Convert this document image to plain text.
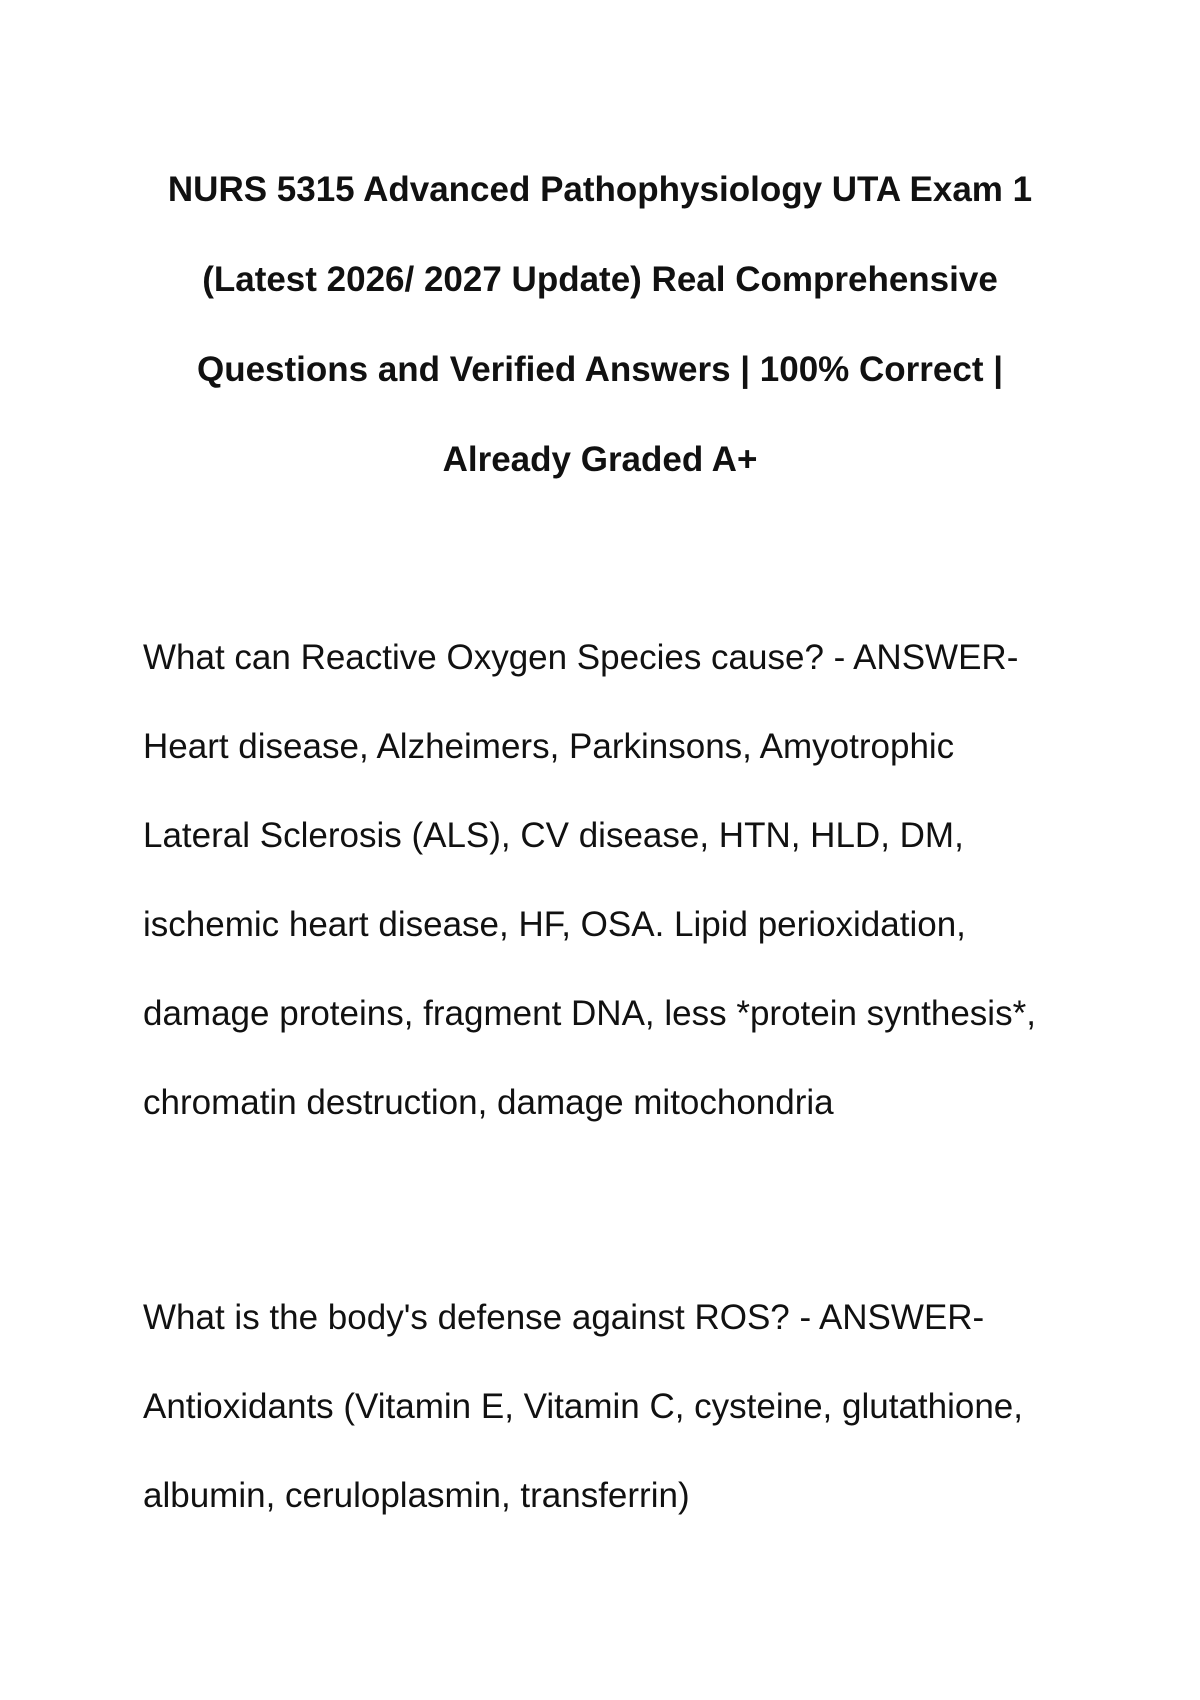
NURS 5315 Advanced Pathophysiology UTA Exam 1
(Latest 2026/ 2027 Update) Real Comprehensive
Questions and Verified Answers | 100% Correct |
Already Graded A+

What can Reactive Oxygen Species cause? - ANSWER-
Heart disease, Alzheimers, Parkinsons, Amyotrophic
Lateral Sclerosis (ALS), CV disease, HTN, HLD, DM,
ischemic heart disease, HF, OSA. Lipid perioxidation,
damage proteins, fragment DNA, less *protein synthesis*,
chromatin destruction, damage mitochondria

What is the body's defense against ROS? - ANSWER-
Antioxidants (Vitamin E, Vitamin C, cysteine, glutathione,
albumin, ceruloplasmin, transferrin)
